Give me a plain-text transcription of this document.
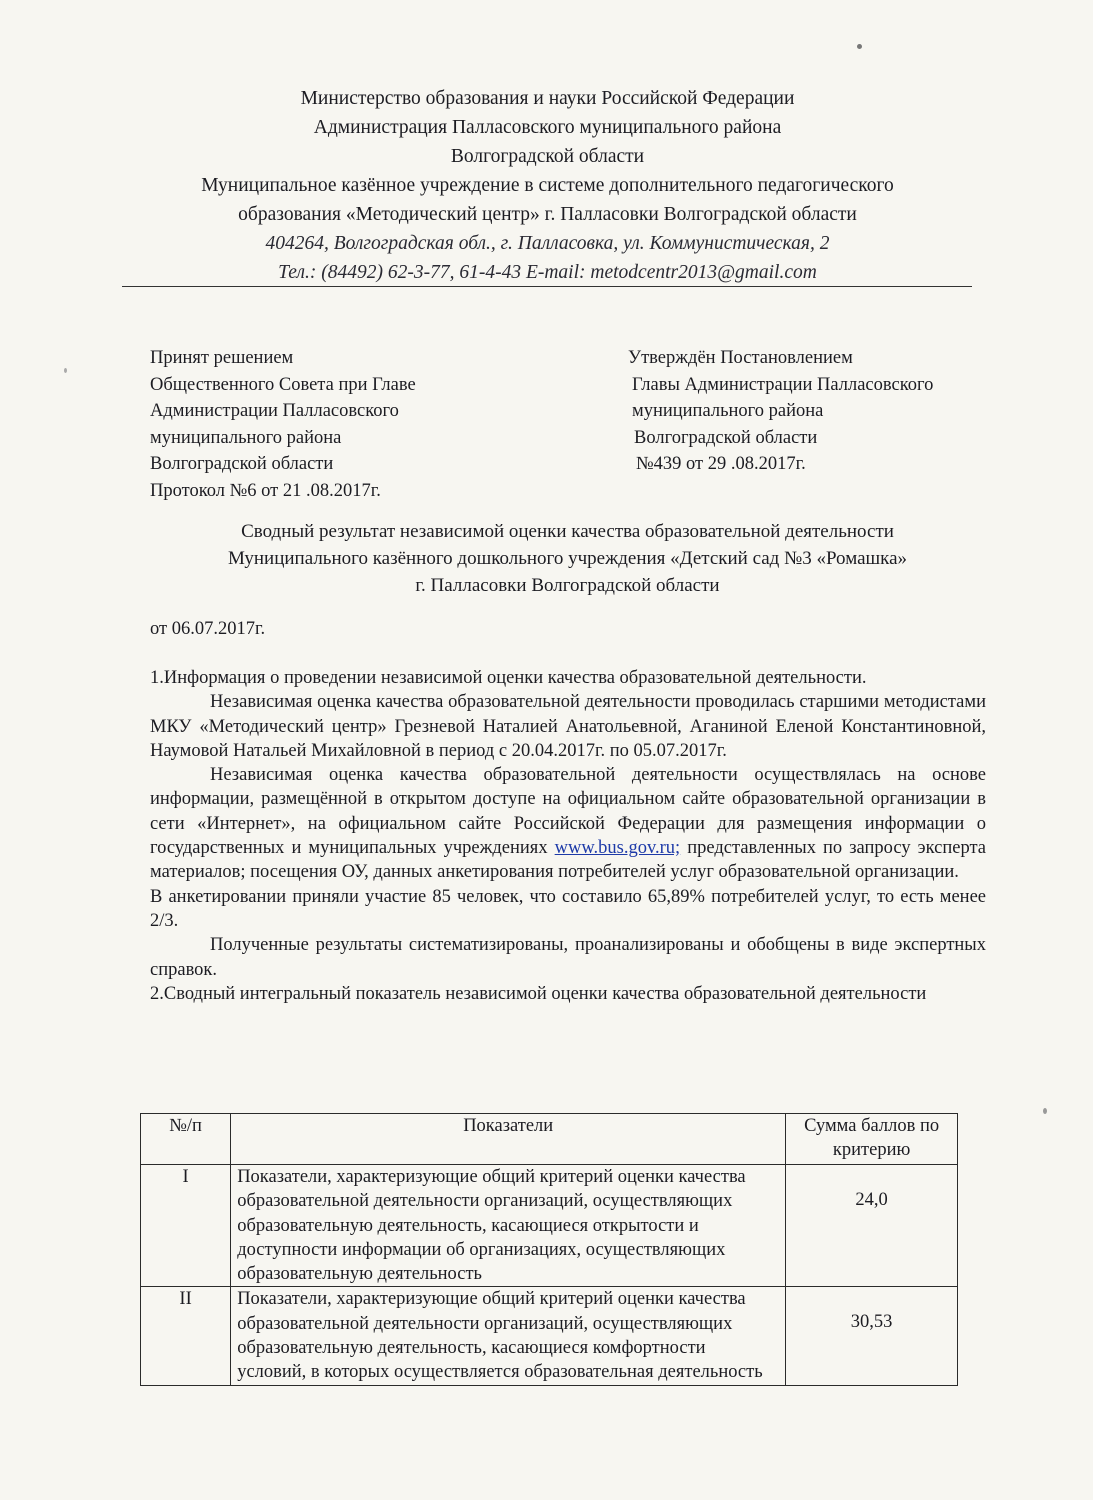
Министерство образования и науки Российской Федерации
Администрация Палласовского муниципального района
Волгоградской области
Муниципальное казённое учреждение в системе дополнительного педагогического
образования «Методический центр» г. Палласовки Волгоградской области
404264, Волгоградская обл., г. Палласовка, ул. Коммунистическая, 2
Тел.: (84492) 62-3-77, 61-4-43 E-mail: metodcentr2013@gmail.com
Принят решением
Общественного Совета при Главе
Администрации Палласовского
муниципального района
Волгоградской области
Протокол №6 от 21 .08.2017г.
Утверждён Постановлением
Главы Администрации Палласовского
муниципального района
Волгоградской области
№439 от 29 .08.2017г.
Сводный результат независимой оценки качества образовательной деятельности
Муниципального казённого дошкольного учреждения «Детский сад №3 «Ромашка»
г. Палласовки Волгоградской области
от 06.07.2017г.

1.Информация о проведении независимой оценки качества образовательной деятельности.

Независимая оценка качества образовательной деятельности проводилась старшими методистами МКУ «Методический центр» Грезневой Наталией Анатольевной, Аганиной Еленой Константиновной, Наумовой Натальей Михайловной в период с 20.04.2017г. по 05.07.2017г.

Независимая оценка качества образовательной деятельности осуществлялась на основе информации, размещённой в открытом доступе на официальном сайте образовательной организации в сети «Интернет», на официальном сайте Российской Федерации для размещения информации о государственных и муниципальных учреждениях www.bus.gov.ru; представленных по запросу эксперта материалов; посещения ОУ, данных анкетирования потребителей услуг образовательной организации.

В анкетировании приняли участие 85 человек, что составило 65,89% потребителей услуг, то есть менее 2/3.

Полученные результаты систематизированы, проанализированы и обобщены в виде экспертных справок.

2.Сводный интегральный показатель независимой оценки качества образовательной деятельности

№/п	Показатели	Сумма баллов по критерию
I	Показатели, характеризующие общий критерий оценки качества образовательной деятельности организаций, осуществляющих образовательную деятельность, касающиеся открытости и доступности информации об организациях, осуществляющих образовательную деятельность	24,0

II	Показатели, характеризующие общий критерий оценки качества образовательной деятельности организаций, осуществляющих образовательную деятельность, касающиеся комфортности условий, в которых осуществляется образовательная деятельность	30,53
